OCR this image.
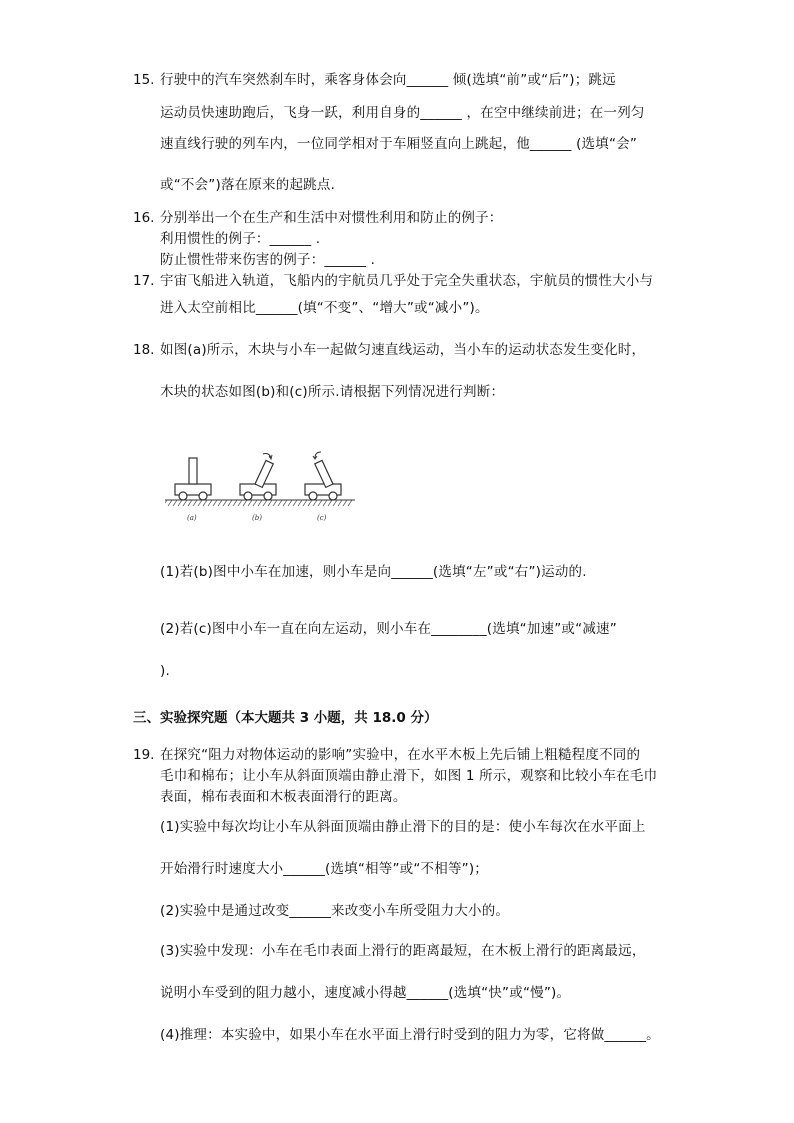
15. 行驶中的汽车突然刹车时，乘客身体会向______ 倾(选填“前”或“后”)；跳远
运动员快速助跑后，飞身一跃，利用自身的______ ，在空中继续前进；在一列匀
速直线行驶的列车内，一位同学相对于车厢竖直向上跳起，他______ (选填“会”
或“不会”)落在原来的起跳点.
16. 分别举出一个在生产和生活中对惯性利用和防止的例子：
利用惯性的例子：______ .
防止惯性带来伤害的例子：______ .
17. 宇宙飞船进入轨道，飞船内的宇航员几乎处于完全失重状态，宇航员的惯性大小与
进入太空前相比______(填“不变”、“增大”或“减小”)。
18. 如图(a)所示，木块与小车一起做匀速直线运动，当小车的运动状态发生变化时，
木块的状态如图(b)和(c)所示.请根据下列情况进行判断：
(a)	(b)	(c)
(1)若(b)图中小车在加速，则小车是向______(选填“左”或“右”)运动的.
(2)若(c)图中小车一直在向左运动，则小车在________(选填“加速”或“减速”
).
三、实验探究题（本大题共 3 小题，共 18.0 分）
19. 在探究“阻力对物体运动的影响”实验中，在水平木板上先后铺上粗糙程度不同的
毛巾和棉布；让小车从斜面顶端由静止滑下，如图 1 所示，观察和比较小车在毛巾
表面，棉布表面和木板表面滑行的距离。
(1)实验中每次均让小车从斜面顶端由静止滑下的目的是：使小车每次在水平面上
开始滑行时速度大小______(选填“相等”或“不相等”)；
(2)实验中是通过改变______来改变小车所受阻力大小的。
(3)实验中发现：小车在毛巾表面上滑行的距离最短，在木板上滑行的距离最远，
说明小车受到的阻力越小，速度减小得越______(选填“快”或“慢”)。
(4)推理：本实验中，如果小车在水平面上滑行时受到的阻力为零，它将做______。
